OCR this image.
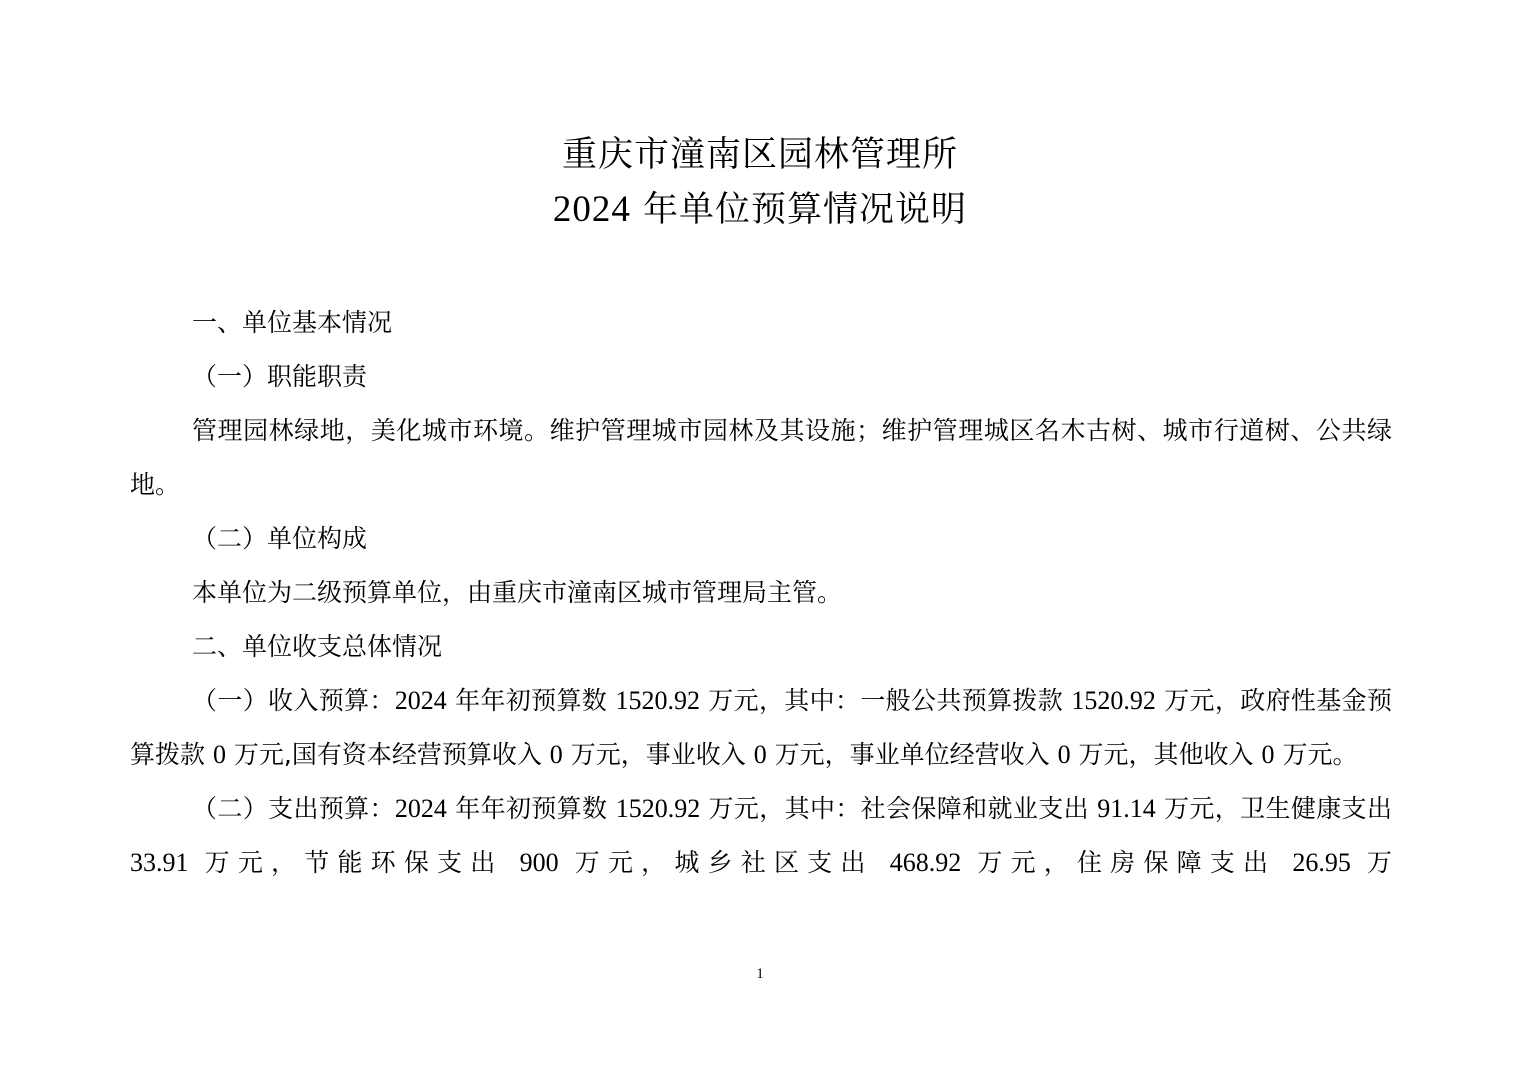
重庆市潼南区园林管理所
2024 年单位预算情况说明

一、单位基本情况

（一）职能职责

管理园林绿地，美化城市环境。维护管理城市园林及其设施；维护管理城区名木古树、城市行道树、公共绿地。

（二）单位构成

本单位为二级预算单位，由重庆市潼南区城市管理局主管。

二、单位收支总体情况

（一）收入预算：2024 年年初预算数 1520.92 万元，其中：一般公共预算拨款 1520.92 万元，政府性基金预算拨款 0 万元,国有资本经营预算收入 0 万元，事业收入 0 万元，事业单位经营收入 0 万元，其他收入 0 万元。

（二）支出预算：2024 年年初预算数 1520.92 万元，其中：社会保障和就业支出 91.14 万元，卫生健康支出 33.91 万元，节能环保支出 900 万元，城乡社区支出 468.92 万元，住房保障支出 26.95 万

1
